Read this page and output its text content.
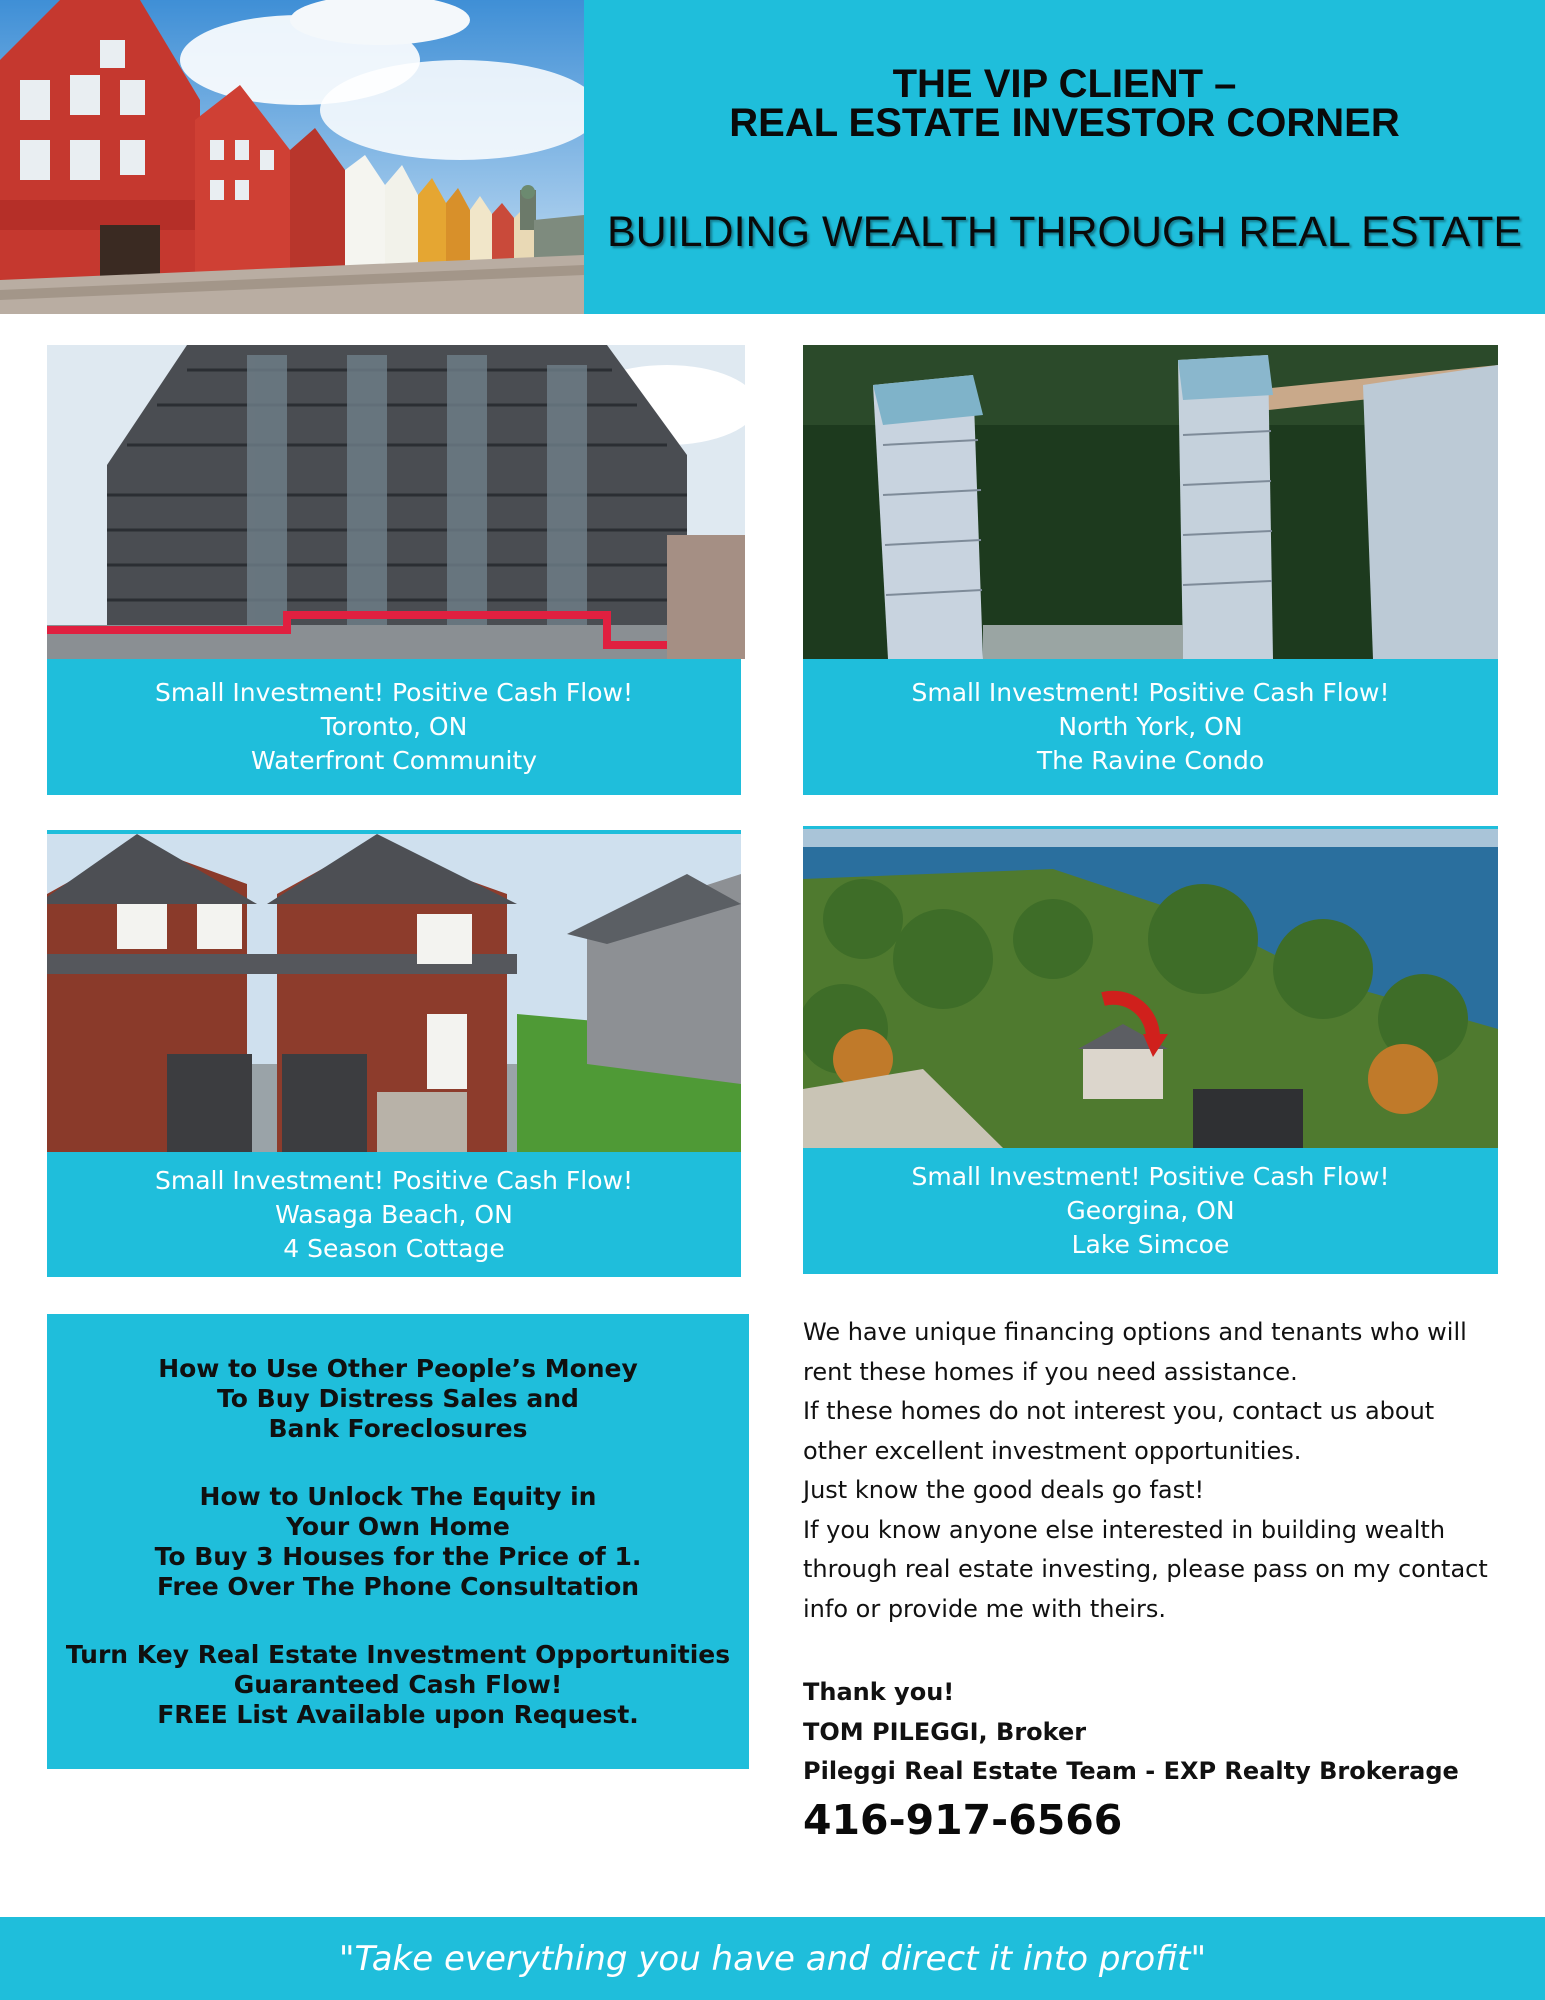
THE VIP CLIENT –
REAL ESTATE INVESTOR CORNER
BUILDING WEALTH THROUGH REAL ESTATE
Small Investment! Positive Cash Flow!
Toronto, ON
Waterfront Community
Small Investment! Positive Cash Flow!
North York, ON
The Ravine Condo
Small Investment! Positive Cash Flow!
Wasaga Beach, ON
4 Season Cottage
Small Investment! Positive Cash Flow!
Georgina, ON
Lake Simcoe
How to Use Other People’s Money
To Buy Distress Sales and
Bank Foreclosures
How to Unlock The Equity in
Your Own Home
To Buy 3 Houses for the Price of 1.
Free Over The Phone Consultation
Turn Key Real Estate Investment Opportunities
Guaranteed Cash Flow!
FREE List Available upon Request.
We have unique financing options and tenants who will
rent these homes if you need assistance.
If these homes do not interest you, contact us about
other excellent investment opportunities.
Just know the good deals go fast!
If you know anyone else interested in building wealth
through real estate investing, please pass on my contact
info or provide me with theirs.
Thank you!
TOM PILEGGI, Broker
Pileggi Real Estate Team - EXP Realty Brokerage
416-917-6566
"Take everything you have and direct it into profit"
